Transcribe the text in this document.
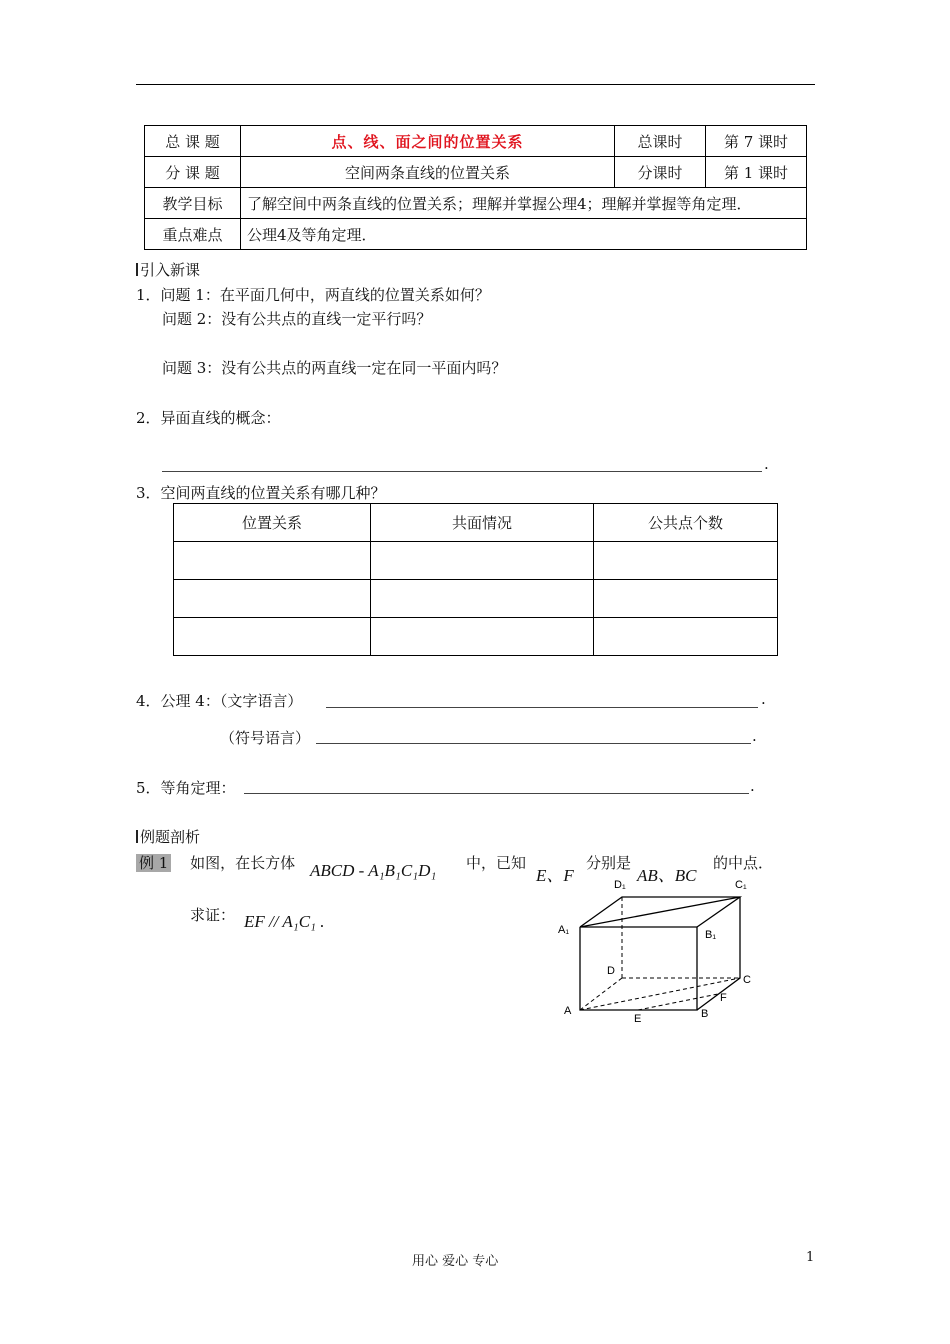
总 课 题	点、线、面之间的位置关系	总课时	第 7 课时
分 课 题	空间两条直线的位置关系	分课时	第 1 课时
教学目标	了解空间中两条直线的位置关系；理解并掌握公理4；理解并掌握等角定理．		
重点难点	公理4及等角定理．		
引入新课
1．问题 1：在平面几何中，两直线的位置关系如何？
问题 2：没有公共点的直线一定平行吗？
问题 3：没有公共点的两直线一定在同一平面内吗？
2．异面直线的概念：
.
3．空间两直线的位置关系有哪几种？
位置关系	共面情况	公共点个数

4．公理 4：（文字语言）	.
（符号语言）	.
5．等角定理：	.
例题剖析
例 1 如图，在长方体 ABCD - A₁B₁C₁D₁ 中，已知
E、F
分别是
AB、BC
的中点．
求证： EF // A₁C₁ .
D₁	C₁
A₁	B₁
D
C
A	B
E
F
用心 爱心 专心	1
